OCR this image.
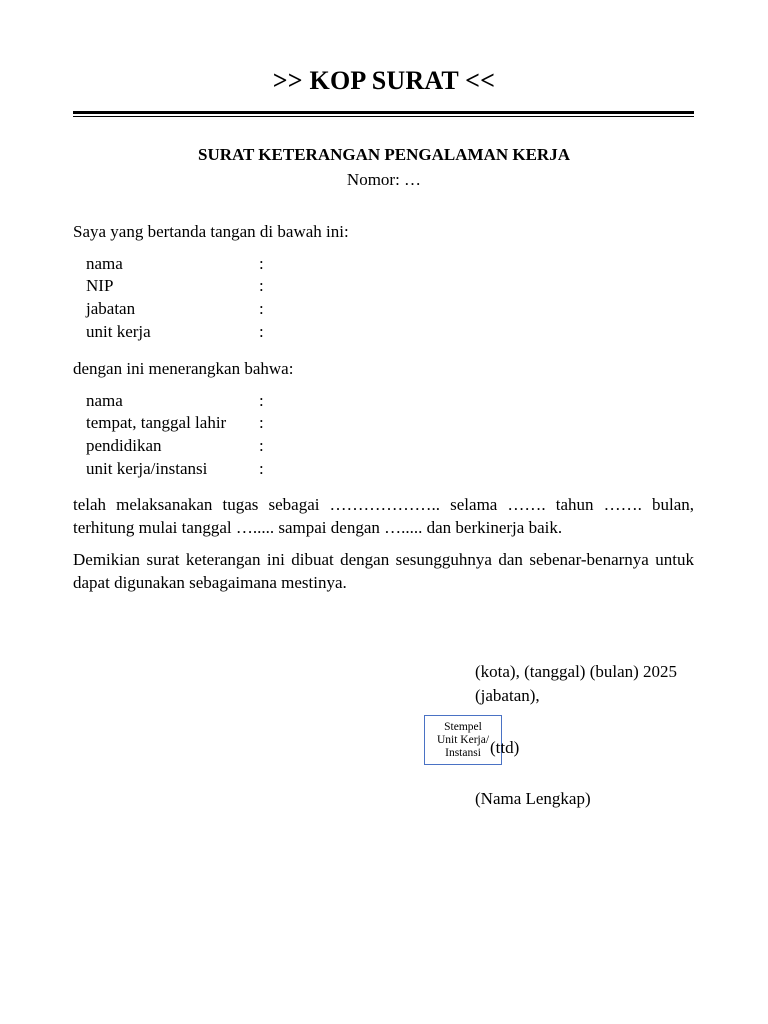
>> KOP SURAT <<
SURAT KETERANGAN PENGALAMAN KERJA
Nomor: …
Saya yang bertanda tangan di bawah ini:
nama	:
NIP	:
jabatan	:
unit kerja	:
dengan ini menerangkan bahwa:
nama	:
tempat, tanggal lahir :
pendidikan	:
unit kerja/instansi	:
telah melaksanakan tugas sebagai ……………….. selama ……. tahun ……. bulan, terhitung mulai tanggal …..... sampai dengan …..... dan berkinerja baik.
Demikian surat keterangan ini dibuat dengan sesungguhnya dan sebenar-benarnya untuk dapat digunakan sebagaimana mestinya.
(kota), (tanggal) (bulan) 2025
(jabatan),
Stempel
Unit Kerja/
Instansi (ttd)
(Nama Lengkap)
